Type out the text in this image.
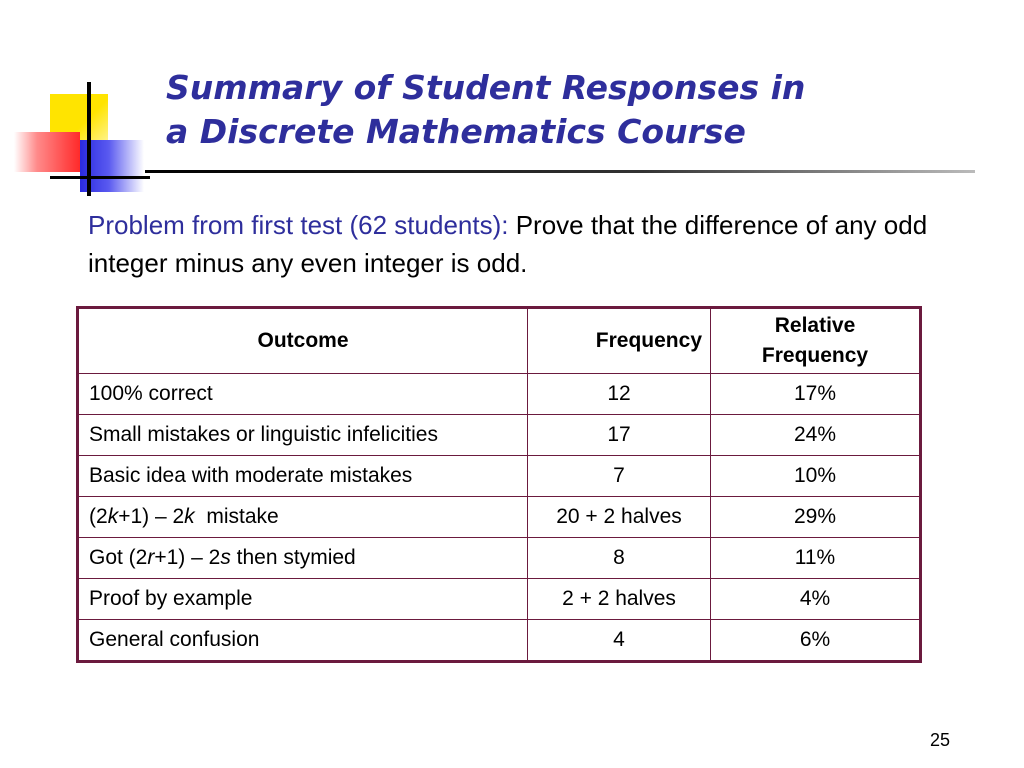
Summary of Student Responses in
a Discrete Mathematics Course
Problem from first test (62 students): Prove that the difference of any odd integer minus any even integer is odd.
Outcome	Frequency	Relative
Frequency
100% correct	12	17%
Small mistakes or linguistic infelicities	17	24%
Basic idea with moderate mistakes	7	10%
(2k+1) – 2k  mistake	20 + 2 halves	29%
Got (2r+1) – 2s then stymied	8	11%
Proof by example	2 + 2 halves	4%
General confusion	4	6%
25
